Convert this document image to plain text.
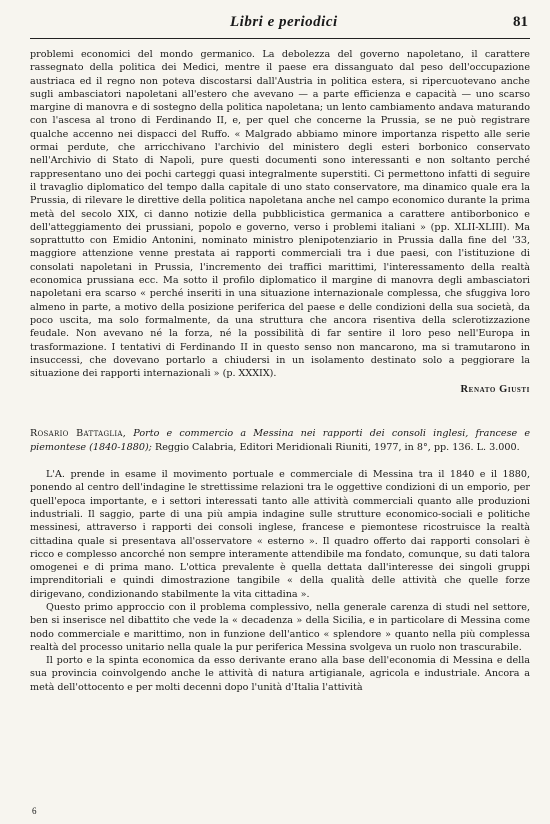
Libri e periodici	81

problemi economici del mondo germanico. La debolezza del governo napoletano, il carattere rassegnato della politica dei Medici, mentre il paese era dissanguato dal peso dell'occupazione austriaca ed il regno non poteva discostarsi dall'Austria in politica estera, si ripercuotevano anche sugli ambasciatori napoletani all'estero che avevano — a parte efficienza e capacità — uno scarso margine di manovra e di sostegno della politica napoletana; un lento cambiamento andava maturando con l'ascesa al trono di Ferdinando II, e, per quel che concerne la Prussia, se ne può registrare qualche accenno nei dispacci del Ruffo. « Malgrado abbiamo minore importanza rispetto alle serie ormai perdute, che arricchivano l'archivio del ministero degli esteri borbonico conservato nell'Archivio di Stato di Napoli, pure questi documenti sono interessanti e non soltanto perché rappresentano uno dei pochi carteggi quasi integralmente superstiti. Ci permettono infatti di seguire il travaglio diplomatico del tempo dalla capitale di uno stato conservatore, ma dinamico quale era la Prussia, di rilevare le direttive della politica napoletana anche nel campo economico durante la prima metà del secolo XIX, ci danno notizie della pubblicistica germanica a carattere antiborbonico e dell'atteggiamento dei prussiani, popolo e governo, verso i problemi italiani » (pp. XLII-XLIII). Ma soprattutto con Emidio Antonini, nominato ministro plenipotenziario in Prussia dalla fine del '33, maggiore attenzione venne prestata ai rapporti commerciali tra i due paesi, con l'istituzione di consolati napoletani in Prussia, l'incremento dei traffici marittimi, l'interessamento della realtà economica prussiana ecc. Ma sotto il profilo diplomatico il margine di manovra degli ambasciatori napoletani era scarso « perché inseriti in una situazione internazionale complessa, che sfuggiva loro almeno in parte, a motivo della posizione periferica del paese e delle condizioni della sua società, da poco uscita, ma solo formalmente, da una struttura che ancora risentiva della sclerotizzazione feudale. Non avevano né la forza, né la possibilità di far sentire il loro peso nell'Europa in trasformazione. I tentativi di Ferdinando II in questo senso non mancarono, ma si tramutarono in insuccessi, che dovevano portarlo a chiudersi in un isolamento destinato solo a peggiorare la situazione dei rapporti internazionali » (p. XXXIX).

Renato Giusti

Rosario Battaglia, Porto e commercio a Messina nei rapporti dei consoli inglesi, francese e piemontese (1840-1880); Reggio Calabria, Editori Meridionali Riuniti, 1977, in 8°, pp. 136. L. 3.000.

L'A. prende in esame il movimento portuale e commerciale di Messina tra il 1840 e il 1880, ponendo al centro dell'indagine le strettissime relazioni tra le oggettive condizioni di un emporio, per quell'epoca importante, e i settori interessati tanto alle attività commerciali quanto alle produzioni industriali. Il saggio, parte di una più ampia indagine sulle strutture economico-sociali e politiche messinesi, attraverso i rapporti dei consoli inglese, francese e piemontese ricostruisce la realtà cittadina quale si presentava all'osservatore « esterno ». Il quadro offerto dai rapporti consolari è ricco e complesso ancorché non sempre interamente attendibile ma fondato, comunque, su dati talora omogenei e di prima mano. L'ottica prevalente è quella dettata dall'interesse dei singoli gruppi imprenditoriali e quindi dimostrazione tangibile « della qualità delle attività che quelle forze dirigevano, condizionando stabilmente la vita cittadina ».

Questo primo approccio con il problema complessivo, nella generale carenza di studi nel settore, ben si inserisce nel dibattito che vede la « decadenza » della Sicilia, e in particolare di Messina come nodo commerciale e marittimo, non in funzione dell'antico « splendore » quanto nella più complessa realtà del processo unitario nella quale la pur periferica Messina svolgeva un ruolo non trascurabile.

Il porto e la spinta economica da esso derivante erano alla base dell'economia di Messina e della sua provincia coinvolgendo anche le attività di natura artigianale, agricola e industriale. Ancora a metà dell'ottocento e per molti decenni dopo l'unità d'Italia l'attività

6
